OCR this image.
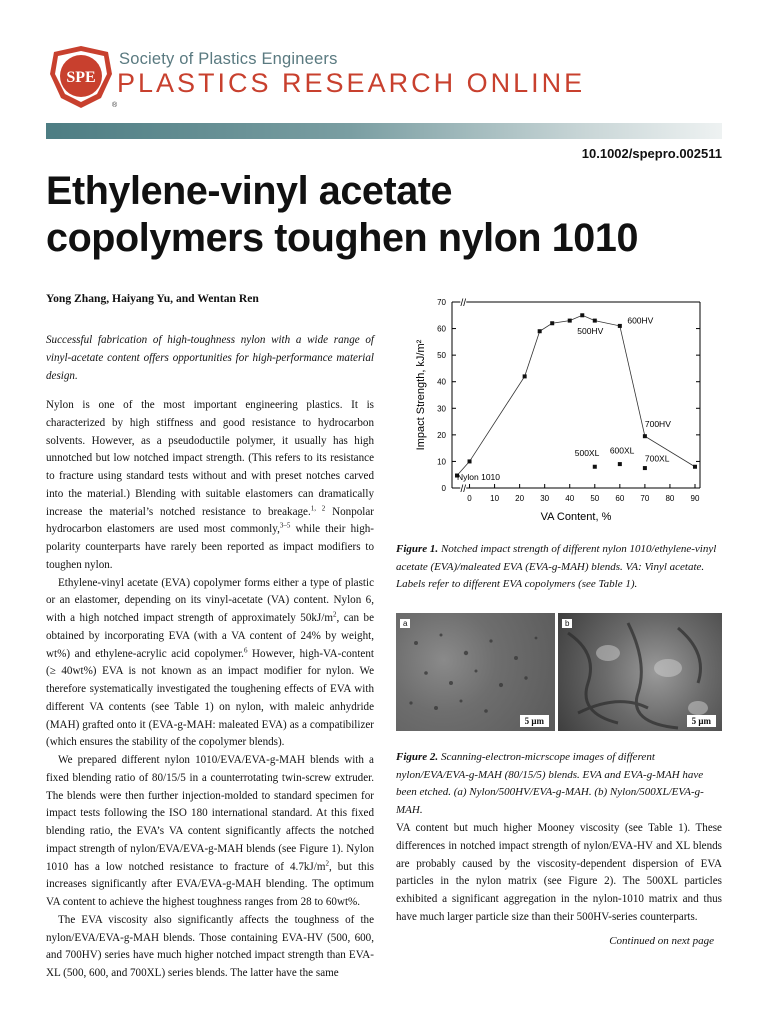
SPE
®
Society of Plastics Engineers
PLASTICS RESEARCH ONLINE
10.1002/spepro.002511
Ethylene-vinyl acetate
copolymers toughen nylon 1010
Yong Zhang, Haiyang Yu, and Wentan Ren
Successful fabrication of high-toughness nylon with a wide range of vinyl-acetate content offers opportunities for high-performance material design.

Nylon is one of the most important engineering plastics. It is characterized by high stiffness and good resistance to hydrocarbon solvents. However, as a pseudoductile polymer, it usually has high unnotched but low notched impact strength. (This refers to its resistance to fracture using standard tests without and with preset notches carved into the material.) Blending with suitable elastomers can dramatically increase the material’s notched resistance to breakage.$^{1, 2}$ Nonpolar hydrocarbon elastomers are used most commonly,$^{3-5}$ while their high-polarity counterparts have rarely been reported as impact modifiers to toughen nylon.

Ethylene-vinyl acetate (EVA) copolymer forms either a type of plastic or an elastomer, depending on its vinyl-acetate (VA) content. Nylon 6, with a high notched impact strength of approximately $50kJ/m^2$, can be obtained by incorporating EVA (with a VA content of 24% by weight, wt%) and ethylene-acrylic acid copolymer.$^6$ However, high-VA-content (≥ 40wt%) EVA is not known as an impact modifier for nylon. We therefore systematically investigated the toughening effects of EVA with different VA contents (see Table 1) on nylon, with maleic anhydride (MAH) grafted onto it (EVA-g-MAH: maleated EVA) as a compatibilizer (which ensures the stability of the copolymer blends).

We prepared different nylon 1010/EVA/EVA-g-MAH blends with a fixed blending ratio of 80/15/5 in a counterrotating twin-screw extruder. The blends were then further injection-molded to standard specimen for impact tests following the ISO 180 international standard. At this fixed blending ratio, the EVA’s VA content significantly affects the notched impact strength of nylon/EVA/EVA-g-MAH blends (see Figure 1). Nylon 1010 has a low notched resistance to fracture of $4.7kJ/m^2$, but this increases significantly after EVA/EVA-g-MAH blending. The optimum VA content to achieve the highest toughness ranges from 28 to 60wt%.

The EVA viscosity also significantly affects the toughness of the nylon/EVA/EVA-g-MAH blends. Those containing EVA-HV (500, 600, and 700HV) series have much higher notched impact strength than EVA-XL (500, 600, and 700XL) series blends. The latter have the same

//
//
0
10
20
30
40
50
60
70
0 10 20 30 40 50 60 70 80 90
VA Content, %
Impact Strength, kJ/m²
Nylon 1010
500HV
600HV
700HV
500XL 600XL
700XL
Figure 1. Notched impact strength of different nylon 1010/ethylene-vinyl acetate (EVA)/maleated EVA (EVA-g-MAH) blends. VA: Vinyl acetate. Labels refer to different EVA copolymers (see Table 1).
a
5 μm
b
5 μm
Figure 2. Scanning-electron-micrscope images of different nylon/EVA/EVA-g-MAH (80/15/5) blends. EVA and EVA-g-MAH have been etched. (a) Nylon/500HV/EVA-g-MAH. (b) Nylon/500XL/EVA-g-MAH.
VA content but much higher Mooney viscosity (see Table 1). These differences in notched impact strength of nylon/EVA-HV and XL blends are probably caused by the viscosity-dependent dispersion of EVA particles in the nylon matrix (see Figure 2). The 500XL particles exhibited a significant aggregation in the nylon-1010 matrix and thus have much larger particle size than their 500HV-series counterparts.
Continued on next page
